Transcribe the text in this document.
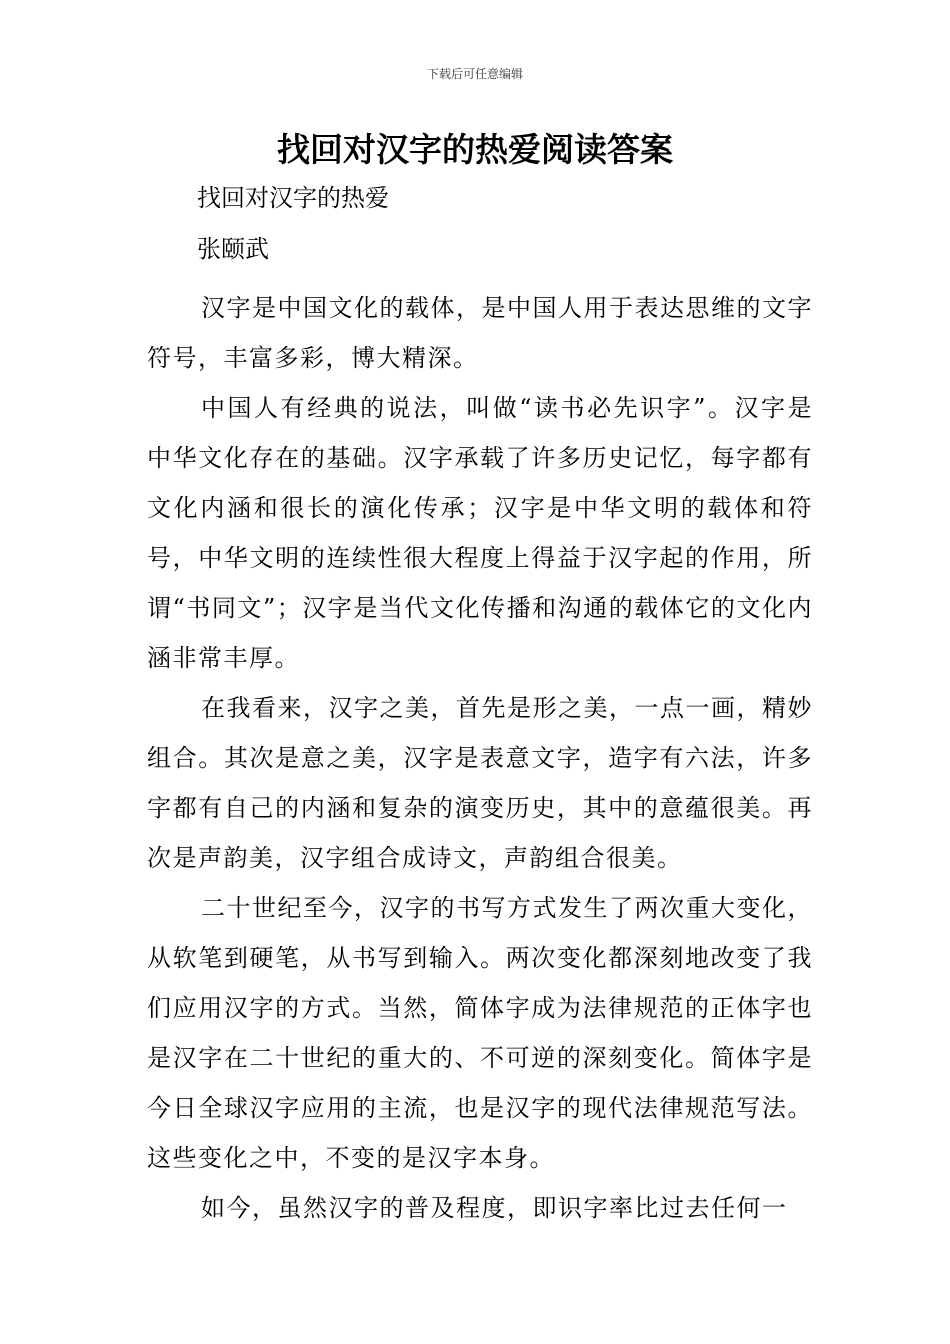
下载后可任意编辑
找回对汉字的热爱阅读答案

找回对汉字的热爱

张颐武

汉字是中国文化的载体，是中国人用于表达思维的文字符号，丰富多彩，博大精深。

中国人有经典的说法，叫做“读书必先识字”。汉字是中华文化存在的基础。汉字承载了许多历史记忆，每字都有文化内涵和很长的演化传承；汉字是中华文明的载体和符号，中华文明的连续性很大程度上得益于汉字起的作用，所谓“书同文”；汉字是当代文化传播和沟通的载体它的文化内涵非常丰厚。

在我看来，汉字之美，首先是形之美，一点一画，精妙组合。其次是意之美，汉字是表意文字，造字有六法，许多字都有自己的内涵和复杂的演变历史，其中的意蕴很美。再次是声韵美，汉字组合成诗文，声韵组合很美。

二十世纪至今，汉字的书写方式发生了两次重大变化，从软笔到硬笔，从书写到输入。两次变化都深刻地改变了我们应用汉字的方式。当然，简体字成为法律规范的正体字也是汉字在二十世纪的重大的、不可逆的深刻变化。简体字是今日全球汉字应用的主流，也是汉字的现代法律规范写法。这些变化之中，不变的是汉字本身。

如今，虽然汉字的普及程度，即识字率比过去任何一
